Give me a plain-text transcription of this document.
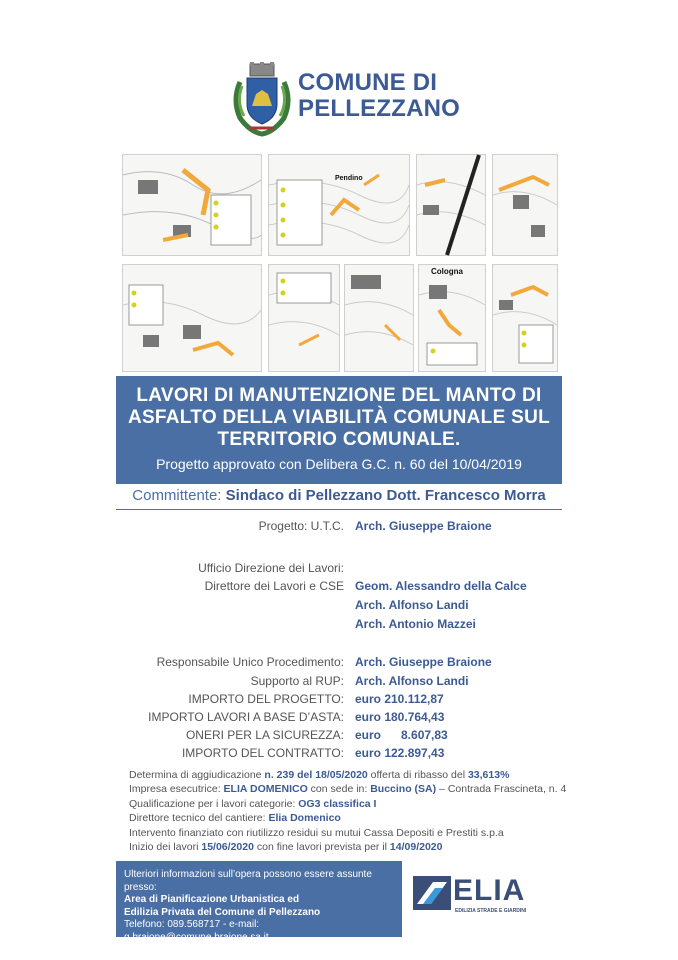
COMUNE DI
PELLEZZANO
Pendino
Cologna
LAVORI DI MANUTENZIONE DEL MANTO DI
ASFALTO DELLA VIABILITÀ COMUNALE SUL
TERRITORIO COMUNALE.
Progetto approvato con Delibera G.C. n. 60 del 10/04/2019
Committente: Sindaco di Pellezzano Dott. Francesco Morra
Progetto: U.T.C. Arch. Giuseppe Braione
Ufficio Direzione dei Lavori:
Direttore dei Lavori e CSE Geom. Alessandro della Calce
Arch. Alfonso Landi
Arch. Antonio Mazzei
Responsabile Unico Procedimento: Arch. Giuseppe Braione
Supporto al RUP: Arch. Alfonso Landi
IMPORTO DEL PROGETTO: euro 210.112,87
IMPORTO LAVORI A BASE D’ASTA: euro 180.764,43
ONERI PER LA SICUREZZA: euro      8.607,83
IMPORTO DEL CONTRATTO: euro 122.897,43
Determina di aggiudicazione n. 239 del 18/05/2020 offerta di ribasso del 33,613%
Impresa esecutrice: ELIA DOMENICO con sede in: Buccino (SA) – Contrada Frascineta, n. 4
Qualificazione per i lavori categorie: OG3 classifica I
Direttore tecnico del cantiere: Elia Domenico
Intervento finanziato con riutilizzo residui su mutui Cassa Depositi e Prestiti s.p.a
Inizio dei lavori 15/06/2020 con fine lavori prevista per il 14/09/2020
Ulteriori informazioni sull’opera possono essere assunte presso:
Area di Pianificazione Urbanistica ed
Edilizia Privata del Comune di Pellezzano
Telefono: 089.568717 - e-mail: g.braione@comune.braione.sa.it
ELIA
EDILIZIA STRADE E GIARDINI
